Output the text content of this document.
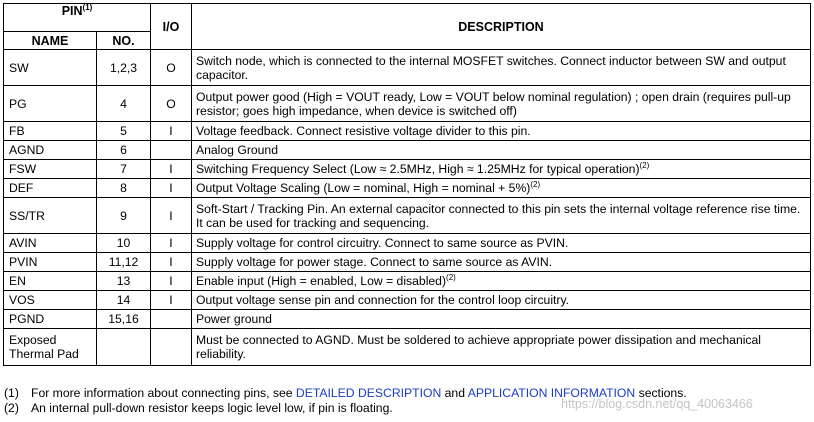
PIN$^{(1)}$		I/O	DESCRIPTION
NAME	NO.		
SW	1,2,3	O	Switch node, which is connected to the internal MOSFET switches. Connect inductor between SW and output capacitor.
PG	4	O	Output power good (High = VOUT ready, Low = VOUT below nominal regulation) ; open drain (requires pull-up resistor; goes high impedance, when device is switched off)
FB	5	I	Voltage feedback. Connect resistive voltage divider to this pin.
AGND	6		Analog Ground
FSW	7	I	Switching Frequency Select (Low ≈ 2.5MHz, High ≈ 1.25MHz for typical operation)$^{(2)}$
DEF	8	I	Output Voltage Scaling (Low = nominal, High = nominal + 5%)$^{(2)}$
SS/TR	9	I	Soft-Start / Tracking Pin. An external capacitor connected to this pin sets the internal voltage reference rise time. It can be used for tracking and sequencing.
AVIN	10	I	Supply voltage for control circuitry. Connect to same source as PVIN.
PVIN	11,12	I	Supply voltage for power stage. Connect to same source as AVIN.
EN	13	I	Enable input (High = enabled, Low = disabled)$^{(2)}$
VOS	14	I	Output voltage sense pin and connection for the control loop circuitry.
PGND	15,16		Power ground

Exposed Thermal Pad			Must be connected to AGND. Must be soldered to achieve appropriate power dissipation and mechanical reliability.
(1) For more information about connecting pins, see DETAILED DESCRIPTION and APPLICATION INFORMATION sections.
(2) An internal pull-down resistor keeps logic level low, if pin is floating.	https://blog.csdn.net/qq_40063466
